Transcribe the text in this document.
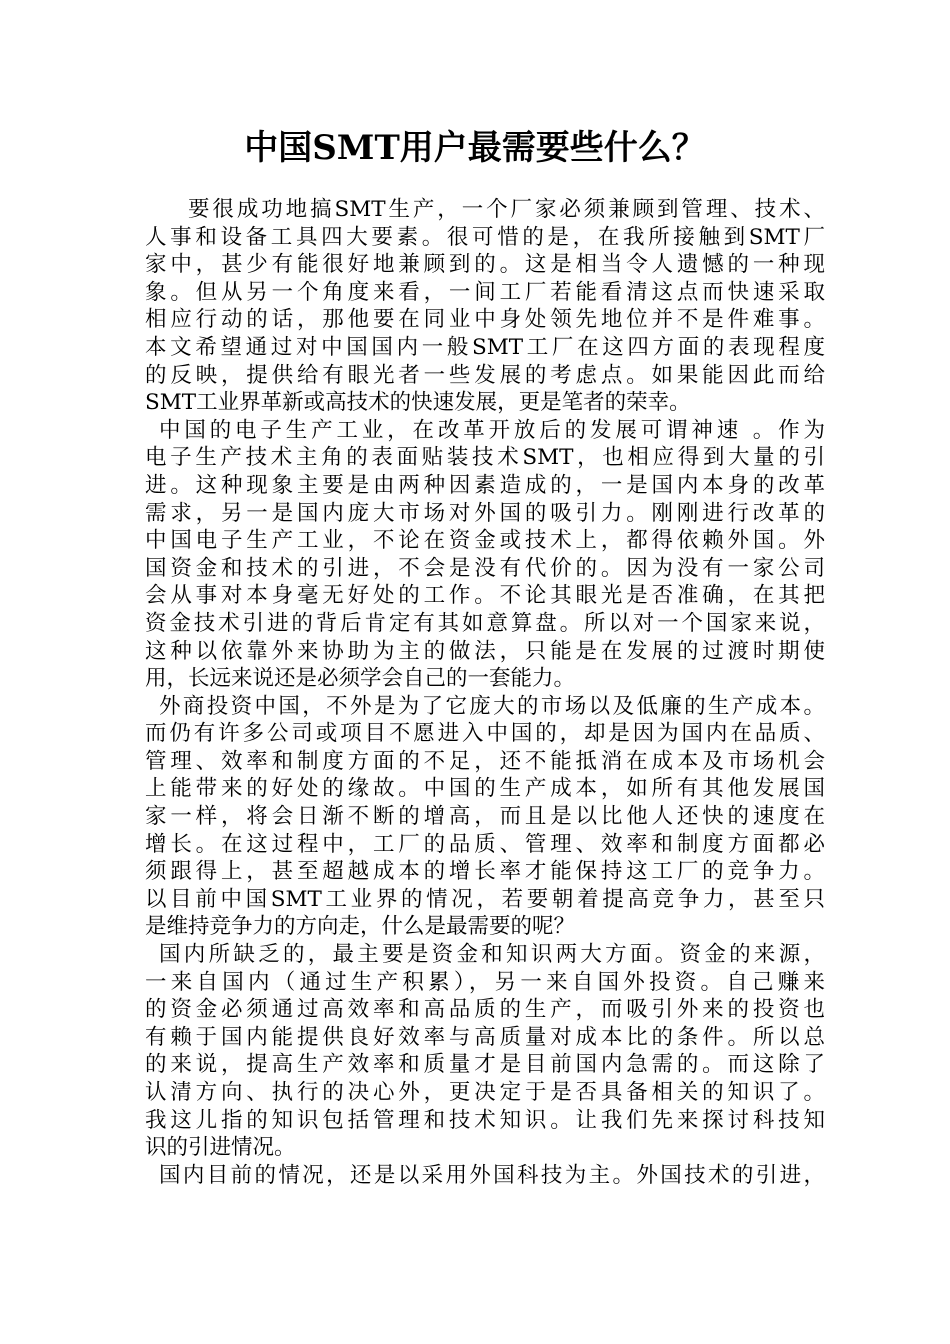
中国SMT用户最需要些什么？
要很成功地搞SMT生产，一个厂家必须兼顾到管理、技术、
人事和设备工具四大要素。很可惜的是，在我所接触到SMT厂
家中，甚少有能很好地兼顾到的。这是相当令人遗憾的一种现
象。但从另一个角度来看，一间工厂若能看清这点而快速采取
相应行动的话，那他要在同业中身处领先地位并不是件难事。
本文希望通过对中国国内一般SMT工厂在这四方面的表现程度
的反映，提供给有眼光者一些发展的考虑点。如果能因此而给
SMT工业界革新或高技术的快速发展，更是笔者的荣幸。
中国的电子生产工业，在改革开放后的发展可谓神速 。作为
电子生产技术主角的表面贴装技术SMT，也相应得到大量的引
进。这种现象主要是由两种因素造成的，一是国内本身的改革
需求，另一是国内庞大市场对外国的吸引力。刚刚进行改革的
中国电子生产工业，不论在资金或技术上，都得依赖外国。外
国资金和技术的引进，不会是没有代价的。因为没有一家公司
会从事对本身毫无好处的工作。不论其眼光是否准确，在其把
资金技术引进的背后肯定有其如意算盘。所以对一个国家来说，
这种以依靠外来协助为主的做法，只能是在发展的过渡时期使
用，长远来说还是必须学会自己的一套能力。
外商投资中国，不外是为了它庞大的市场以及低廉的生产成本。
而仍有许多公司或项目不愿进入中国的，却是因为国内在品质、
管理、效率和制度方面的不足，还不能抵消在成本及市场机会
上能带来的好处的缘故。中国的生产成本，如所有其他发展国
家一样，将会日渐不断的增高，而且是以比他人还快的速度在
增长。在这过程中，工厂的品质、管理、效率和制度方面都必
须跟得上，甚至超越成本的增长率才能保持这工厂的竞争力。
以目前中国SMT工业界的情况，若要朝着提高竞争力，甚至只
是维持竞争力的方向走，什么是最需要的呢？
国内所缺乏的，最主要是资金和知识两大方面。资金的来源，
一来自国内（通过生产积累），另一来自国外投资。自己赚来
的资金必须通过高效率和高品质的生产，而吸引外来的投资也
有赖于国内能提供良好效率与高质量对成本比的条件。所以总
的来说，提高生产效率和质量才是目前国内急需的。而这除了
认清方向、执行的决心外，更决定于是否具备相关的知识了。
我这儿指的知识包括管理和技术知识。让我们先来探讨科技知
识的引进情况。
国内目前的情况，还是以采用外国科技为主。外国技术的引进，
